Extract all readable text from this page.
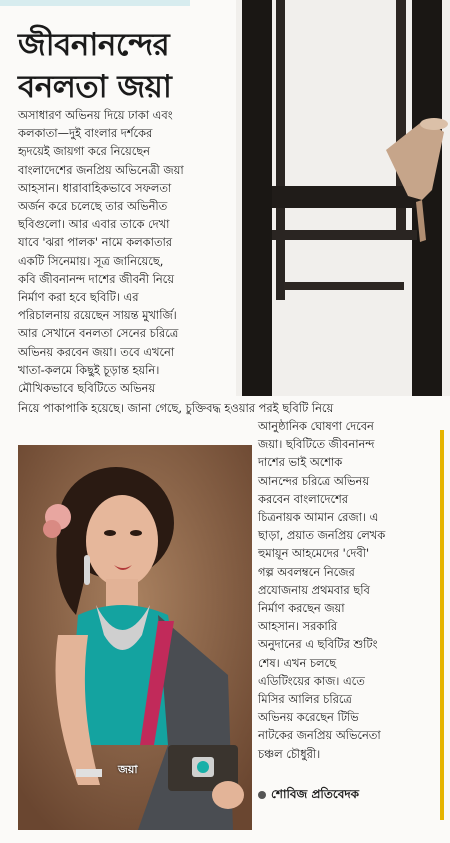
জীবনানন্দের
বনলতা জয়া
অসাধারণ অভিনয় দিয়ে ঢাকা এবং
কলকাতা—দুই বাংলার দর্শকের
হৃদয়েই জায়গা করে নিয়েছেন
বাংলাদেশের জনপ্রিয় অভিনেত্রী জয়া
আহসান। ধারাবাহিকভাবে সফলতা
অর্জন করে চলেছে তার অভিনীত
ছবিগুলো। আর এবার তাকে দেখা
যাবে 'ঝরা পালক' নামে কলকাতার
একটি সিনেমায়। সূত্র জানিয়েছে,
কবি জীবনানন্দ দাশের জীবনী নিয়ে
নির্মাণ করা হবে ছবিটি। এর
পরিচালনায় রয়েছেন সায়ন্ত মুখার্জি।
আর সেখানে বনলতা সেনের চরিত্রে
অভিনয় করবেন জয়া। তবে এখনো
খাতা-কলমে কিছুই চূড়ান্ত হয়নি।
মৌখিকভাবে ছবিটিতে অভিনয়
নিয়ে পাকাপাকি হয়েছে। জানা গেছে, চুক্তিবদ্ধ হওয়ার পরই ছবিটি নিয়ে
জয়া
আনুষ্ঠানিক ঘোষণা দেবেন
জয়া। ছবিটিতে জীবনানন্দ
দাশের ভাই অশোক
আনন্দের চরিত্রে অভিনয়
করবেন বাংলাদেশের
চিত্রনায়ক আমান রেজা। এ
ছাড়া, প্রয়াত জনপ্রিয় লেখক
হুমায়ূন আহমেদের 'দেবী'
গল্প অবলম্বনে নিজের
প্রযোজনায় প্রথমবার ছবি
নির্মাণ করছেন জয়া
আহসান। সরকারি
অনুদানের এ ছবিটির শুটিং
শেষ। এখন চলছে
এডিটিংয়ের কাজ। এতে
মিসির আলির চরিত্রে
অভিনয় করেছেন টিভি
নাটকের জনপ্রিয় অভিনেতা
চঞ্চল চৌধুরী।
শোবিজ প্রতিবেদক
